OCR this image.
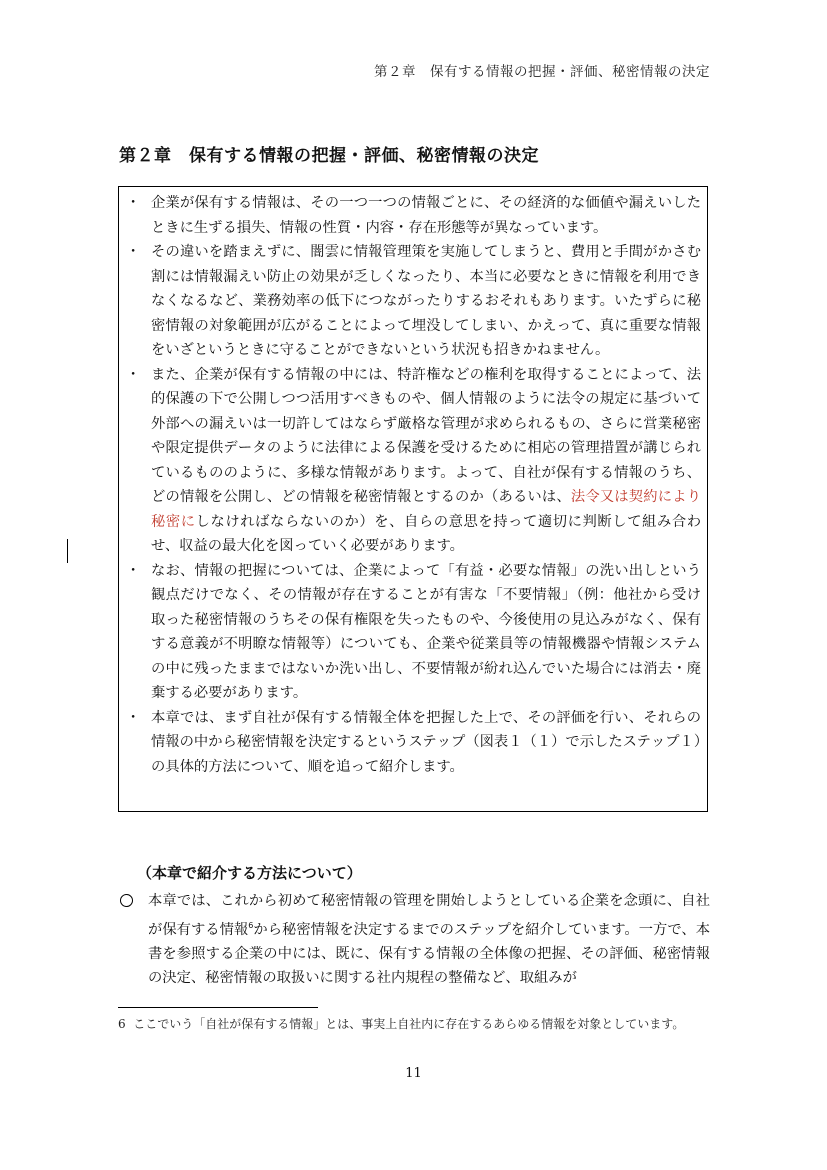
第２章　保有する情報の把握・評価、秘密情報の決定
第２章　保有する情報の把握・評価、秘密情報の決定
・ 企業が保有する情報は、その一つ一つの情報ごとに、その経済的な価値や漏えいしたときに生ずる損失、情報の性質・内容・存在形態等が異なっています。
・ その違いを踏まえずに、闇雲に情報管理策を実施してしまうと、費用と手間がかさむ割には情報漏えい防止の効果が乏しくなったり、本当に必要なときに情報を利用できなくなるなど、業務効率の低下につながったりするおそれもあります。いたずらに秘密情報の対象範囲が広がることによって埋没してしまい、かえって、真に重要な情報をいざというときに守ることができないという状況も招きかねません。
・ また、企業が保有する情報の中には、特許権などの権利を取得することによって、法的保護の下で公開しつつ活用すべきものや、個人情報のように法令の規定に基づいて外部への漏えいは一切許してはならず厳格な管理が求められるもの、さらに営業秘密や限定提供データのように法律による保護を受けるために相応の管理措置が講じられているもののように、多様な情報があります。よって、自社が保有する情報のうち、どの情報を公開し、どの情報を秘密情報とするのか（あるいは、法令又は契約により秘密にしなければならないのか）を、自らの意思を持って適切に判断して組み合わせ、収益の最大化を図っていく必要があります。
・ なお、情報の把握については、企業によって「有益・必要な情報」の洗い出しという観点だけでなく、その情報が存在することが有害な「不要情報」（例：他社から受け取った秘密情報のうちその保有権限を失ったものや、今後使用の見込みがなく、保有する意義が不明瞭な情報等）についても、企業や従業員等の情報機器や情報システムの中に残ったままではないか洗い出し、不要情報が紛れ込んでいた場合には消去・廃棄する必要があります。
・ 本章では、まず自社が保有する情報全体を把握した上で、その評価を行い、それらの情報の中から秘密情報を決定するというステップ（図表１（１）で示したステップ１）の具体的方法について、順を追って紹介します。
（本章で紹介する方法について）
本章では、これから初めて秘密情報の管理を開始しようとしている企業を念頭に、自社が保有する情報$^6$から秘密情報を決定するまでのステップを紹介しています。一方で、本書を参照する企業の中には、既に、保有する情報の全体像の把握、その評価、秘密情報の決定、秘密情報の取扱いに関する社内規程の整備など、取組みが
6 ここでいう「自社が保有する情報」とは、事実上自社内に存在するあらゆる情報を対象としています。
11
